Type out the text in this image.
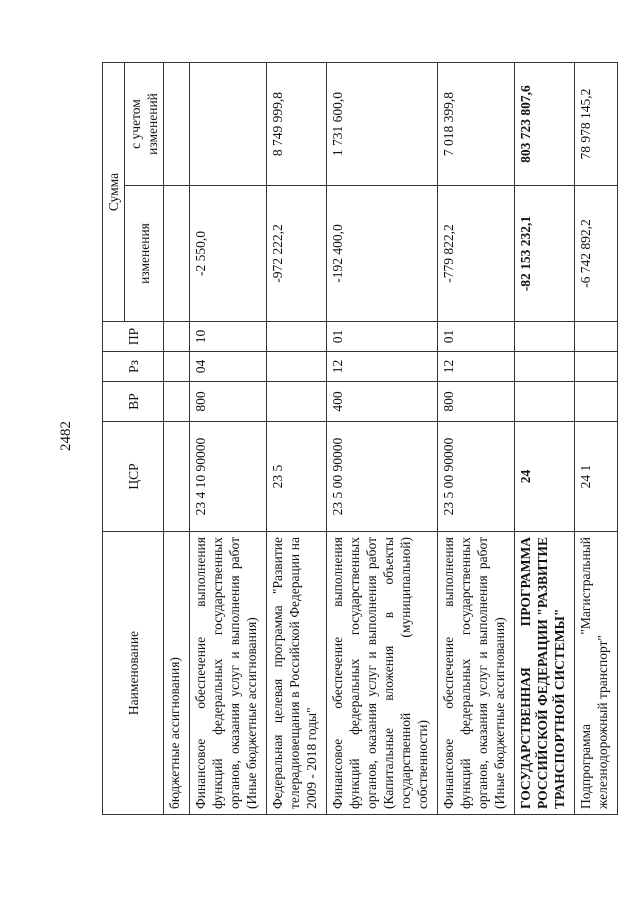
2482
Наименование	ЦСР	ВР	Рз	ПР	Сумма	
					изменения	с учетом изменений
бюджетные ассигнования)						
Финансовое обеспечение выполнения функций федеральных государственных органов, оказания услуг и выполнения работ (Иные бюджетные ассигнования)	23 4 10 90000	800	04	10	-2 550,0	
Федеральная целевая программа "Развитие телерадиовещания в Российской Федерации на 2009 - 2018 годы"	23 5				-972 222,2	8 749 999,8
Финансовое обеспечение выполнения функций федеральных государственных органов, оказания услуг и выполнения работ (Капитальные вложения в объекты государственной (муниципальной) собственности)	23 5 00 90000	400	12	01	-192 400,0	1 731 600,0
Финансовое обеспечение выполнения функций федеральных государственных органов, оказания услуг и выполнения работ (Иные бюджетные ассигнования)	23 5 00 90000	800	12	01	-779 822,2	7 018 399,8
ГОСУДАРСТВЕННАЯ ПРОГРАММА РОССИЙСКОЙ ФЕДЕРАЦИИ "РАЗВИТИЕ ТРАНСПОРТНОЙ СИСТЕМЫ"	24				-82 153 232,1	803 723 807,6
Подпрограмма "Магистральный железнодорожный транспорт"	24 1				-6 742 892,2	78 978 145,2
